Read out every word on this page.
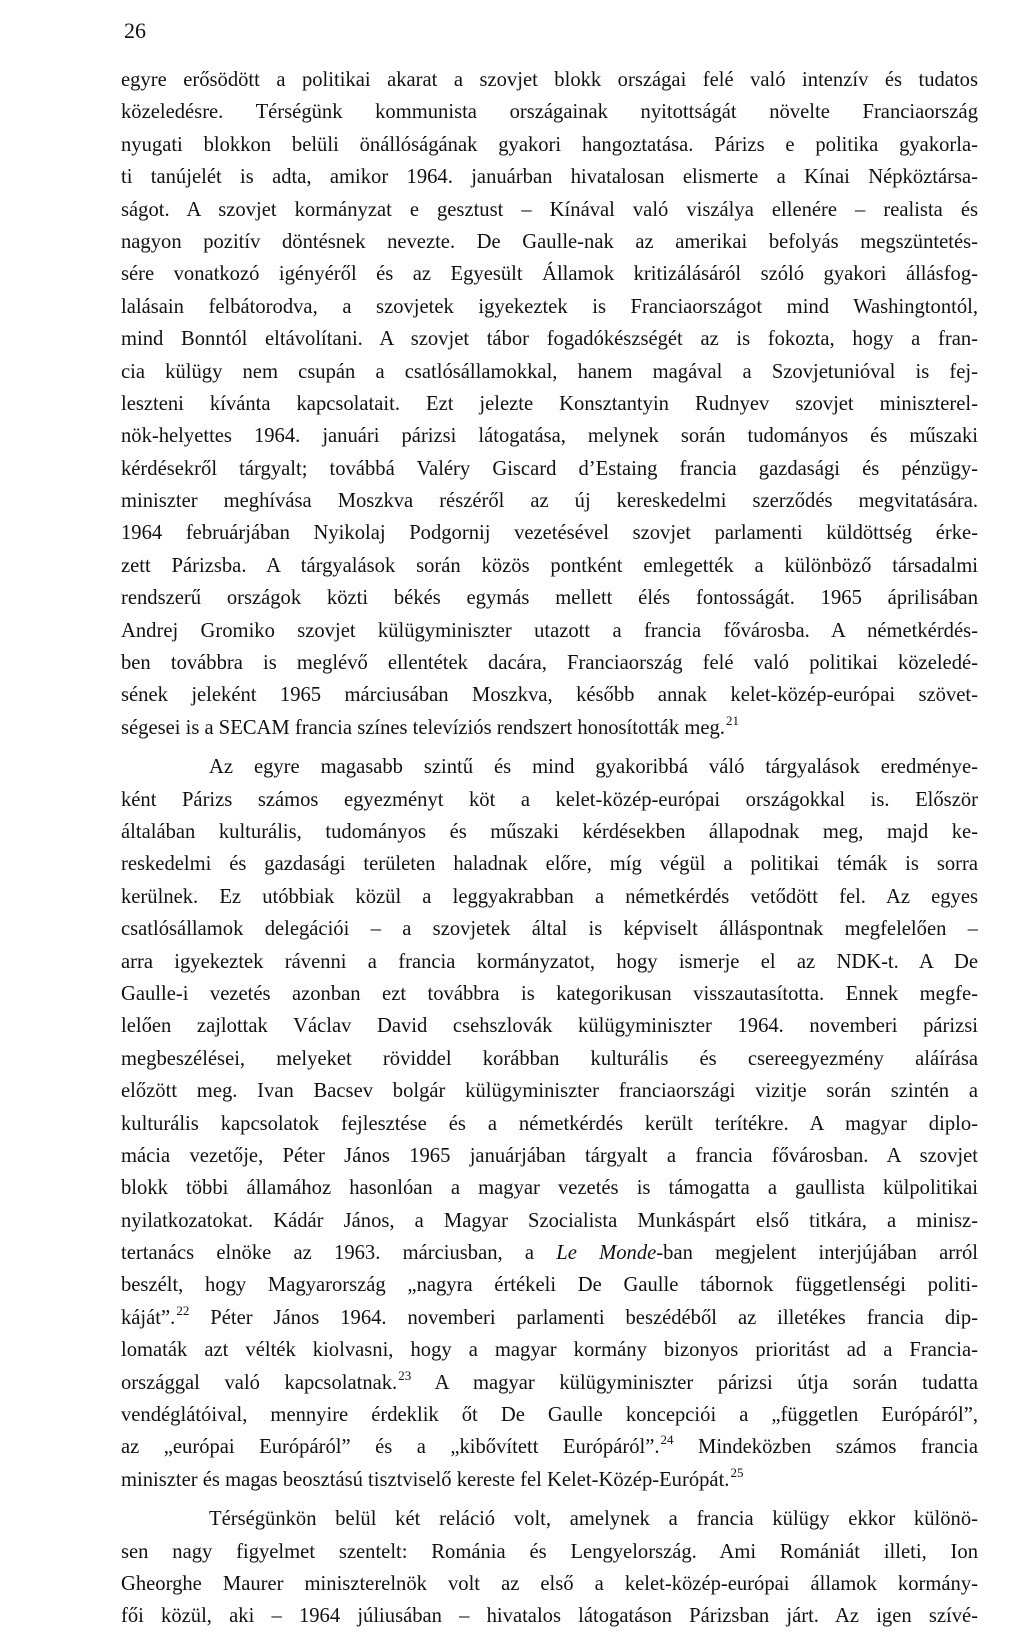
26
egyre erősödött a politikai akarat a szovjet blokk országai felé való intenzív és tudatos
közeledésre. Térségünk kommunista országainak nyitottságát növelte Franciaország
nyugati blokkon belüli önállóságának gyakori hangoztatása. Párizs e politika gyakorla-
ti tanújelét is adta, amikor 1964. januárban hivatalosan elismerte a Kínai Népköztársa-
ságot. A szovjet kormányzat e gesztust – Kínával való viszálya ellenére – realista és
nagyon pozitív döntésnek nevezte. De Gaulle-nak az amerikai befolyás megszüntetés-
sére vonatkozó igényéről és az Egyesült Államok kritizálásáról szóló gyakori állásfog-
lalásain felbátorodva, a szovjetek igyekeztek is Franciaországot mind Washingtontól,
mind Bonntól eltávolítani. A szovjet tábor fogadókészségét az is fokozta, hogy a fran-
cia külügy nem csupán a csatlósállamokkal, hanem magával a Szovjetunióval is fej-
leszteni kívánta kapcsolatait. Ezt jelezte Konsztantyin Rudnyev szovjet miniszterel-
nök-helyettes 1964. januári párizsi látogatása, melynek során tudományos és műszaki
kérdésekről tárgyalt; továbbá Valéry Giscard d’Estaing francia gazdasági és pénzügy-
miniszter meghívása Moszkva részéről az új kereskedelmi szerződés megvitatására.
1964 februárjában Nyikolaj Podgornij vezetésével szovjet parlamenti küldöttség érke-
zett Párizsba. A tárgyalások során közös pontként emlegették a különböző társadalmi
rendszerű országok közti békés egymás mellett élés fontosságát. 1965 áprilisában
Andrej Gromiko szovjet külügyminiszter utazott a francia fővárosba. A németkérdés-
ben továbbra is meglévő ellentétek dacára, Franciaország felé való politikai közeledé-
sének jeleként 1965 márciusában Moszkva, később annak kelet-közép-európai szövet-
ségesei is a SECAM francia színes televíziós rendszert honosították meg.$^{21}$
Az egyre magasabb szintű és mind gyakoribbá váló tárgyalások eredménye-
ként Párizs számos egyezményt köt a kelet-közép-európai országokkal is. Először
általában kulturális, tudományos és műszaki kérdésekben állapodnak meg, majd ke-
reskedelmi és gazdasági területen haladnak előre, míg végül a politikai témák is sorra
kerülnek. Ez utóbbiak közül a leggyakrabban a németkérdés vetődött fel. Az egyes
csatlósállamok delegációi – a szovjetek által is képviselt álláspontnak megfelelően –
arra igyekeztek rávenni a francia kormányzatot, hogy ismerje el az NDK-t. A De
Gaulle-i vezetés azonban ezt továbbra is kategorikusan visszautasította. Ennek megfe-
lelően zajlottak Václav David csehszlovák külügyminiszter 1964. novemberi párizsi
megbeszélései, melyeket röviddel korábban kulturális és csereegyezmény aláírása
előzött meg. Ivan Bacsev bolgár külügyminiszter franciaországi vizitje során szintén a
kulturális kapcsolatok fejlesztése és a németkérdés került terítékre. A magyar diplo-
mácia vezetője, Péter János 1965 januárjában tárgyalt a francia fővárosban. A szovjet
blokk többi államához hasonlóan a magyar vezetés is támogatta a gaullista külpolitikai
nyilatkozatokat. Kádár János, a Magyar Szocialista Munkáspárt első titkára, a minisz-
tertanács elnöke az 1963. márciusban, a Le Monde-ban megjelent interjújában arról
beszélt, hogy Magyarország „nagyra értékeli De Gaulle tábornok függetlenségi politi-
káját”.$^{22}$ Péter János 1964. novemberi parlamenti beszédéből az illetékes francia dip-
lomaták azt vélték kiolvasni, hogy a magyar kormány bizonyos prioritást ad a Francia-
országgal való kapcsolatnak.$^{23}$ A magyar külügyminiszter párizsi útja során tudatta
vendéglátóival, mennyire érdeklik őt De Gaulle koncepciói a „független Európáról”,
az „európai Európáról” és a „kibővített Európáról”.$^{24}$ Mindeközben számos francia
miniszter és magas beosztású tisztviselő kereste fel Kelet-Közép-Európát.$^{25}$
Térségünkön belül két reláció volt, amelynek a francia külügy ekkor különö-
sen nagy figyelmet szentelt: Románia és Lengyelország. Ami Romániát illeti, Ion
Gheorghe Maurer miniszterelnök volt az első a kelet-közép-európai államok kormány-
fői közül, aki – 1964 júliusában – hivatalos látogatáson Párizsban járt. Az igen szívé-
